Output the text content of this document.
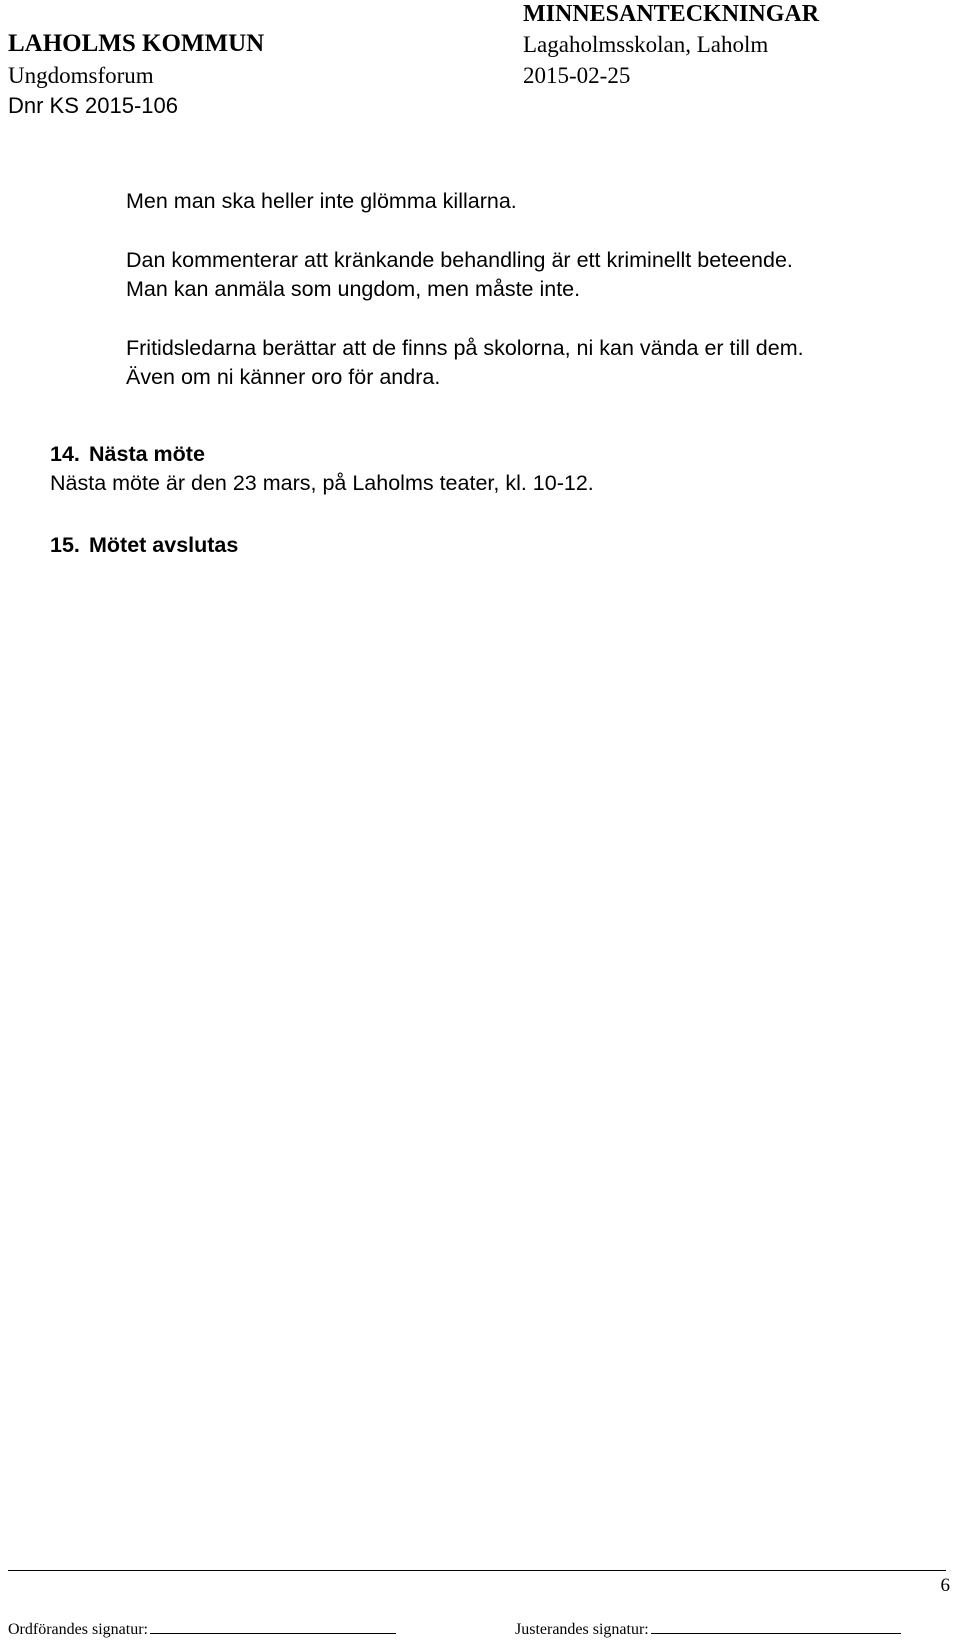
MINNESANTECKNINGAR
LAHOLMS KOMMUN	Lagaholmsskolan, Laholm
Ungdomsforum	2015-02-25
Dnr KS 2015-106
Men man ska heller inte glömma killarna.
Dan kommenterar att kränkande behandling är ett kriminellt beteende.
Man kan anmäla som ungdom, men måste inte.
Fritidsledarna berättar att de finns på skolorna, ni kan vända er till dem.
Även om ni känner oro för andra.
14. Nästa möte
Nästa möte är den 23 mars, på Laholms teater, kl. 10-12.
15. Mötet avslutas
6
Ordförandes signatur:	Justerandes signatur:
